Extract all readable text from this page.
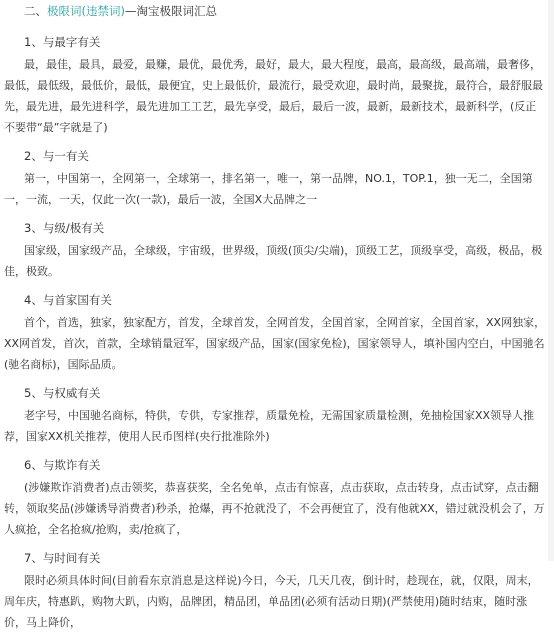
二、极限词(违禁词)—淘宝极限词汇总
1、与最字有关
最，最佳，最具，最爱，最赚，最优，最优秀，最好，最大，最大程度，最高，最高级，最高端，最奢侈，最低，最低级，最低价，最低，最便宜，史上最低价，最流行，最受欢迎，最时尚，最聚拢，最符合，最舒服最先，最先进，最先进科学，最先进加工工艺，最先享受，最后，最后一波，最新，最新技术，最新科学，(反正不要带“最”字就是了)
2、与一有关
第一，中国第一，全网第一，全球第一，排名第一，唯一，第一品牌，NO.1，TOP.1，独一无二，全国第一，一流，一天，仅此一次(一款)，最后一波，全国X大品牌之一
3、与级/极有关
国家级，国家级产品，全球级，宇宙级，世界级，顶级(顶尖/尖端)，顶级工艺，顶级享受，高级，极品，极佳，极致。
4、与首家国有关
首个，首选，独家，独家配方，首发，全球首发，全网首发，全国首家，全网首家，全国首家，XX网独家，XX网首发，首次，首款，全球销量冠军，国家级产品，国家(国家免检)，国家领导人，填补国内空白，中国驰名(驰名商标)，国际品质。
5、与权威有关
老字号，中国驰名商标，特供，专供，专家推荐，质量免检，无需国家质量检测，免抽检国家XX领导人推荐，国家XX机关推荐，使用人民币图样(央行批准除外)
6、与欺诈有关
(涉嫌欺诈消费者)点击领奖，恭喜获奖，全名免单，点击有惊喜，点击获取，点击转身，点击试穿，点击翻转，领取奖品(涉嫌诱导消费者)秒杀，抢爆，再不抢就没了，不会再便宜了，没有他就XX，错过就没机会了，万人疯抢，全名抢疯/抢购，卖/抢疯了，
7、与时间有关
限时必须具体时间(目前看东京消息是这样说)今日，今天，几天几夜，倒计时，趁现在，就，仅限，周末，周年庆，特惠趴，购物大趴，内购，品牌团，精品团，单品团(必须有活动日期)(严禁使用)随时结束，随时涨价，马上降价，
